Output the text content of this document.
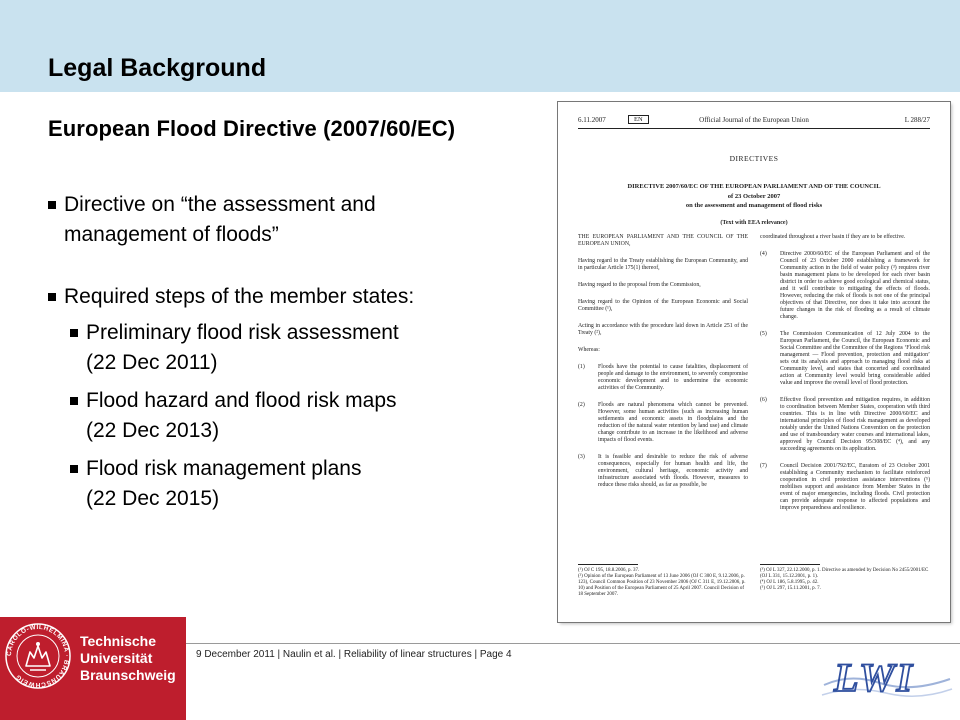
Legal Background
European Flood Directive (2007/60/EC)
Directive on “the assessment and
management of floods”
Required steps of the member states:
Preliminary flood risk assessment
(22 Dec 2011)
Flood hazard and flood risk maps
(22 Dec 2013)
Flood risk management plans
(22 Dec 2015)
6.11.2007	EN	Official Journal of the European Union	L 288/27
DIRECTIVES
DIRECTIVE 2007/60/EC OF THE EUROPEAN PARLIAMENT AND OF THE COUNCIL
of 23 October 2007
on the assessment and management of flood risks
(Text with EEA relevance)

THE EUROPEAN PARLIAMENT AND THE COUNCIL OF THE EUROPEAN UNION,

Having regard to the Treaty establishing the European Community, and in particular Article 175(1) thereof,

Having regard to the proposal from the Commission,

Having regard to the Opinion of the European Economic and Social Committee (¹),

Acting in accordance with the procedure laid down in Article 251 of the Treaty (²),

Whereas:

(1) Floods have the potential to cause fatalities, displacement of people and damage to the environment, to severely compromise economic development and to undermine the economic activities of the Community.

(2) Floods are natural phenomena which cannot be prevented. However, some human activities (such as increasing human settlements and economic assets in floodplains and the reduction of the natural water retention by land use) and climate change contribute to an increase in the likelihood and adverse impacts of flood events.

(3) It is feasible and desirable to reduce the risk of adverse consequences, especially for human health and life, the environment, cultural heritage, economic activity and infrastructure associated with floods. However, measures to reduce these risks should, as far as possible, be

(¹) OJ C 195, 18.8.2006, p. 37.
(²) Opinion of the European Parliament of 13 June 2006 (OJ C 300 E, 9.12.2006, p. 123), Council Common Position of 23 November 2006 (OJ C 311 E, 19.12.2006, p. 10) and Position of the European Parliament of 25 April 2007. Council Decision of 18 September 2007.

coordinated throughout a river basin if they are to be effective.

(4) Directive 2000/60/EC of the European Parliament and of the Council of 23 October 2000 establishing a framework for Community action in the field of water policy (³) requires river basin management plans to be developed for each river basin district in order to achieve good ecological and chemical status, and it will contribute to mitigating the effects of floods. However, reducing the risk of floods is not one of the principal objectives of that Directive, nor does it take into account the future changes in the risk of flooding as a result of climate change.

(5) The Commission Communication of 12 July 2004 to the European Parliament, the Council, the European Economic and Social Committee and the Committee of the Regions ‘Flood risk management — Flood prevention, protection and mitigation’ sets out its analysis and approach to managing flood risks at Community level, and states that concerted and coordinated action at Community level would bring considerable added value and improve the overall level of flood protection.

(6) Effective flood prevention and mitigation requires, in addition to coordination between Member States, cooperation with third countries. This is in line with Directive 2000/60/EC and international principles of flood risk management as developed notably under the United Nations Convention on the protection and use of transboundary water courses and international lakes, approved by Council Decision 95/308/EC (⁴), and any succeeding agreements on its application.

(7) Council Decision 2001/792/EC, Euratom of 23 October 2001 establishing a Community mechanism to facilitate reinforced cooperation in civil protection assistance interventions (⁵) mobilises support and assistance from Member States in the event of major emergencies, including floods. Civil protection can provide adequate response to affected populations and improve preparedness and resilience.

(³) OJ L 327, 22.12.2000, p. 1. Directive as amended by Decision No 2455/2001/EC (OJ L 331, 15.12.2001, p. 1).
(⁴) OJ L 186, 5.8.1995, p. 42.
(⁵) OJ L 297, 15.11.2001, p. 7.
9 December 2011 | Naulin et al. | Reliability of linear structures | Page 4
CAROLO-WILHELMINA · BRAUNSCHWEIG
Technische
Universität
Braunschweig	LWI
